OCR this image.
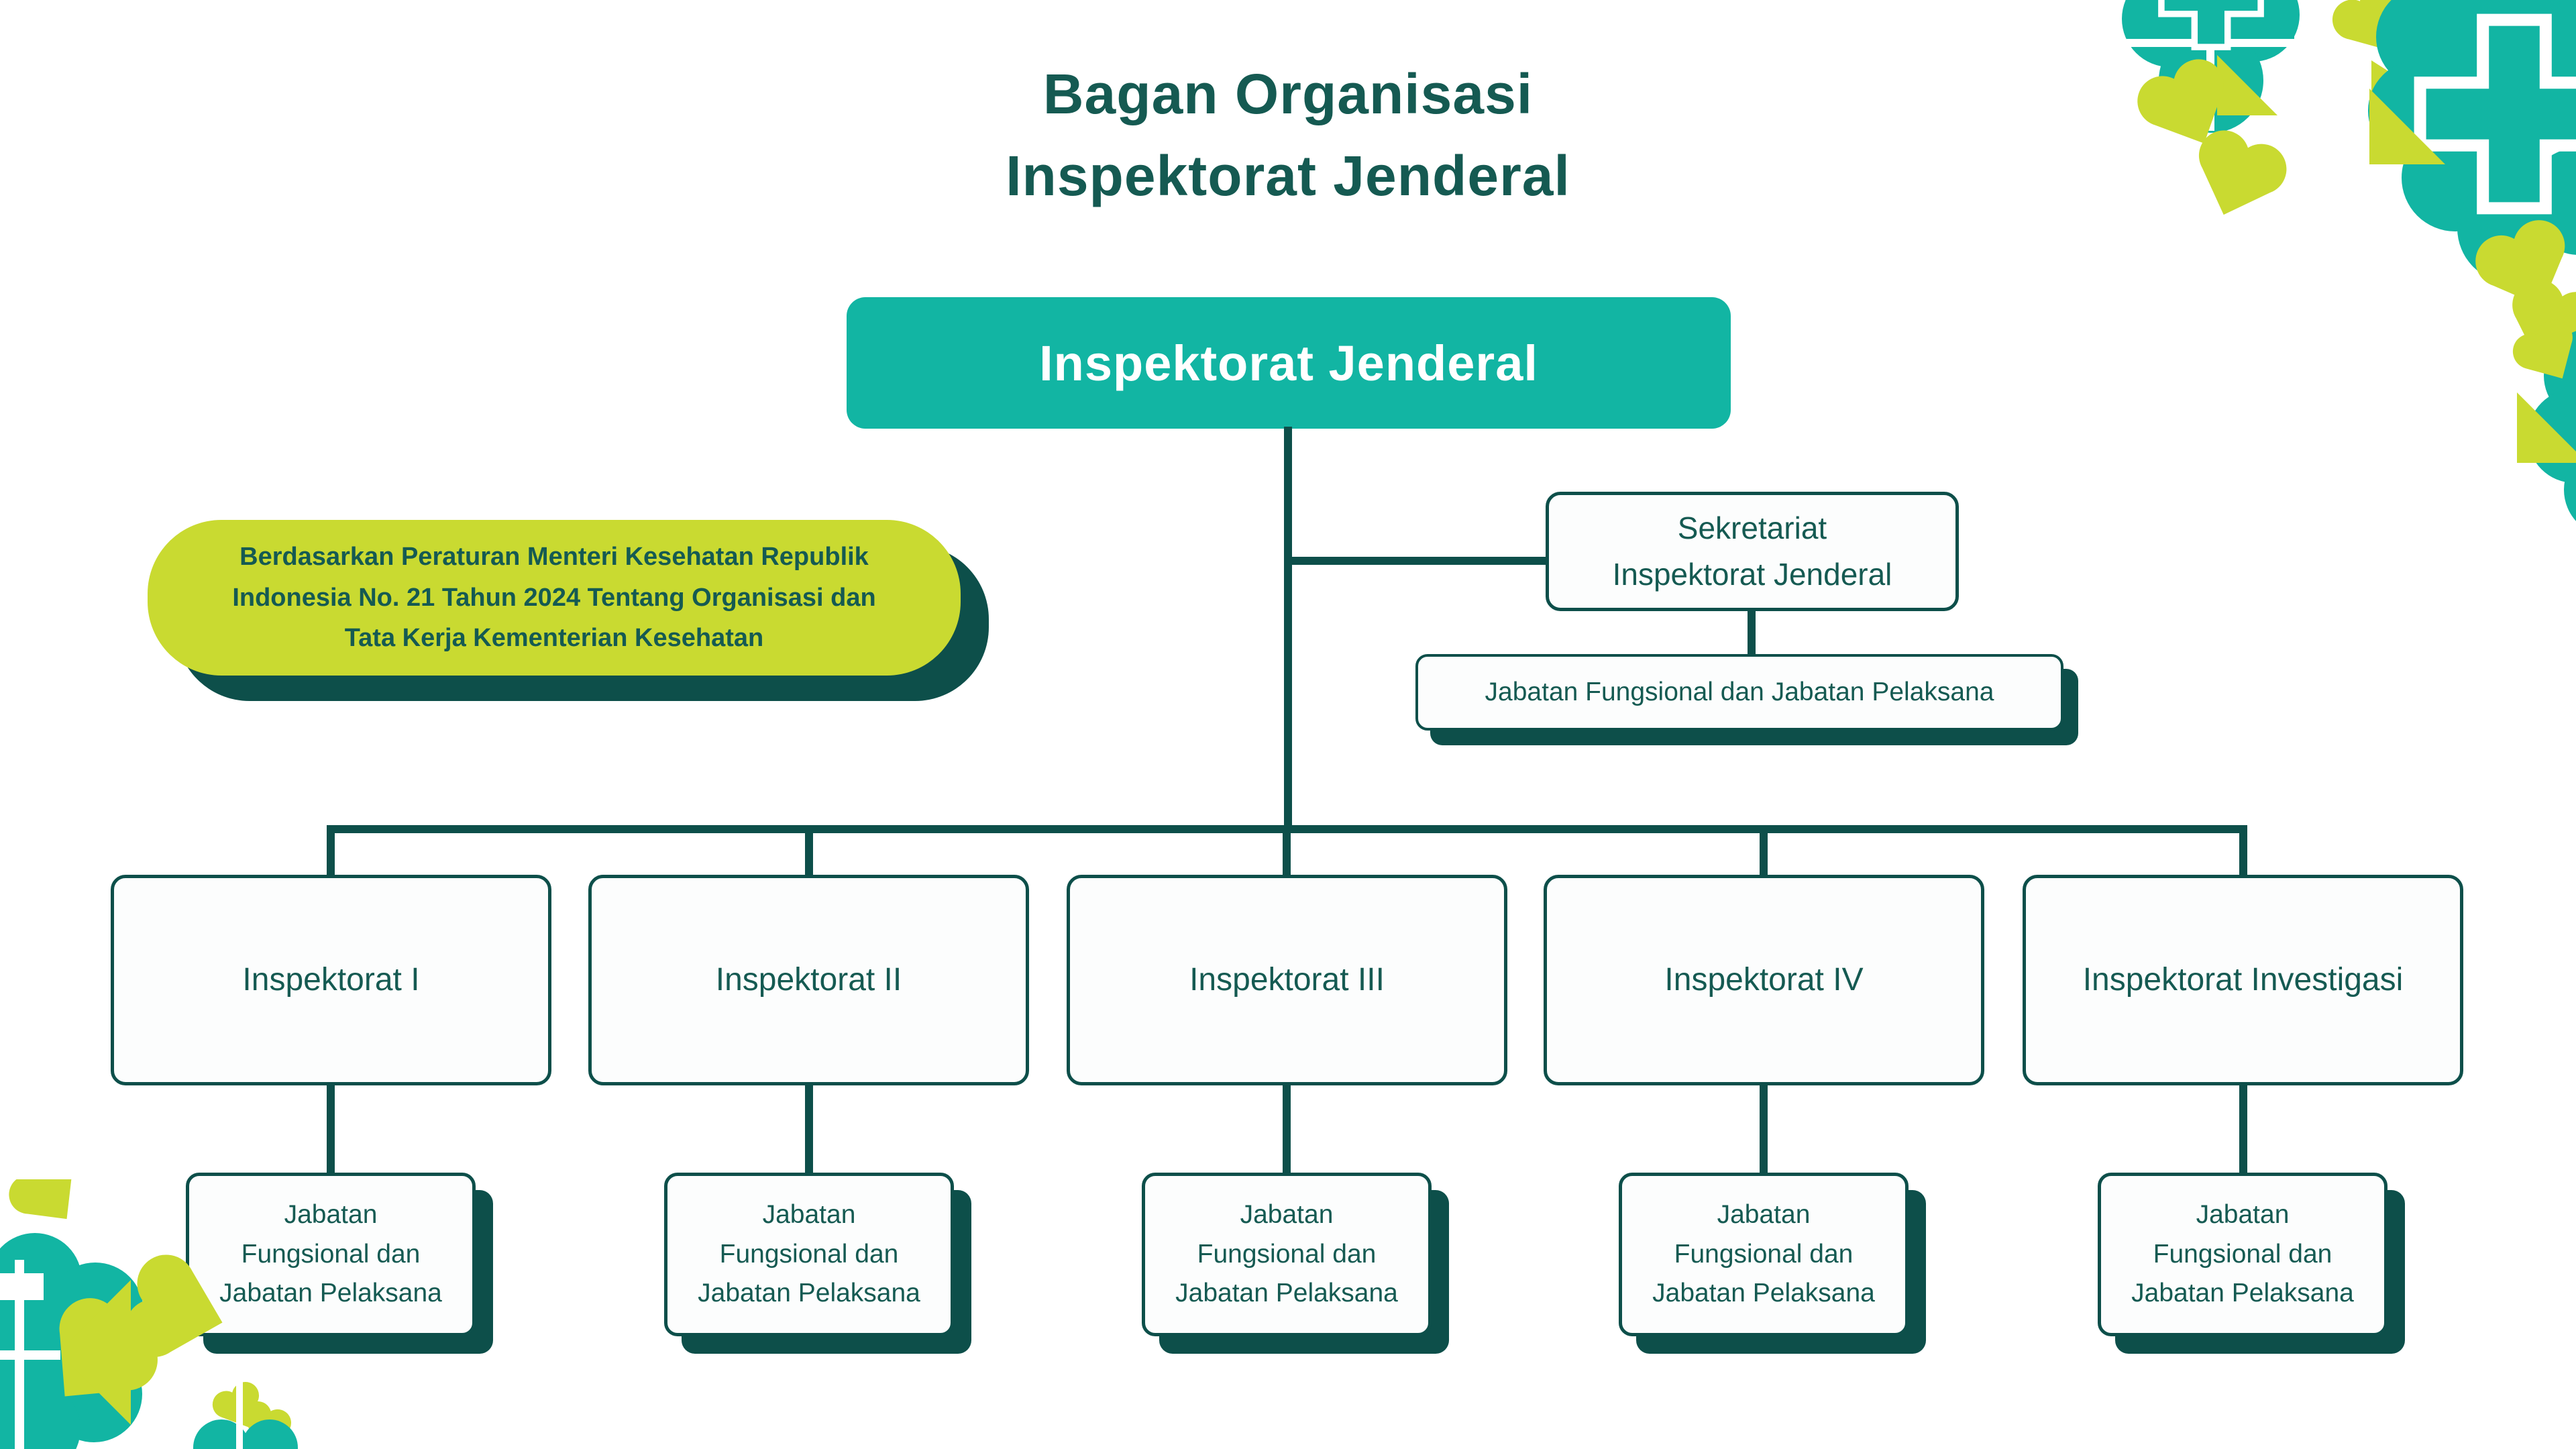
Bagan Organisasi
Inspektorat Jenderal
Inspektorat Jenderal
Berdasarkan Peraturan Menteri Kesehatan Republik
Indonesia No. 21 Tahun 2024 Tentang Organisasi dan
Tata Kerja Kementerian Kesehatan
Sekretariat
Inspektorat Jenderal
Jabatan Fungsional dan Jabatan Pelaksana
Inspektorat I	Inspektorat II	Inspektorat III	Inspektorat IV	Inspektorat Investigasi
Jabatan
Fungsional dan
Jabatan Pelaksana
Jabatan
Fungsional dan
Jabatan Pelaksana
Jabatan
Fungsional dan
Jabatan Pelaksana
Jabatan
Fungsional dan
Jabatan Pelaksana
Jabatan
Fungsional dan
Jabatan Pelaksana
